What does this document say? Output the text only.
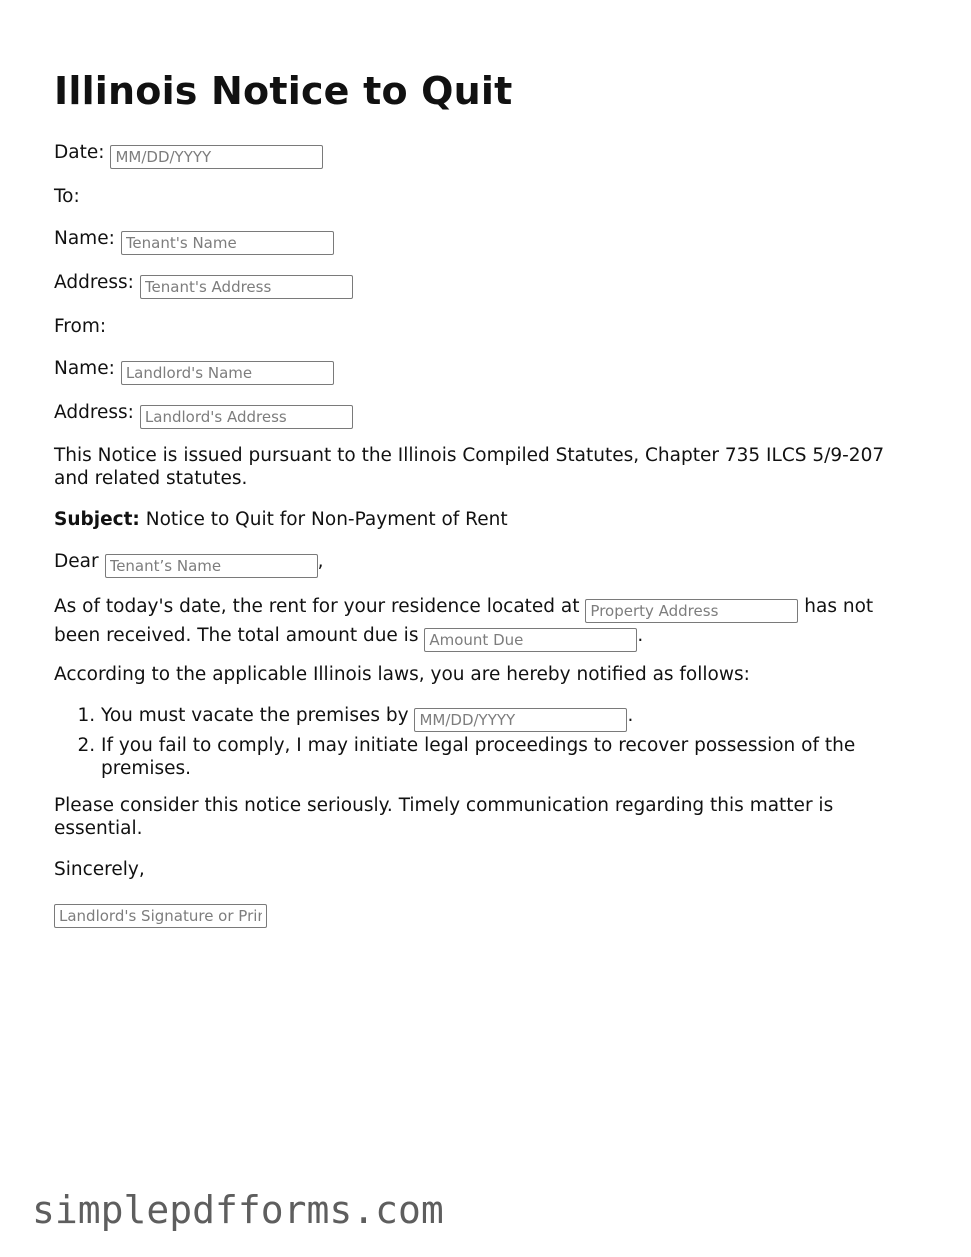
Illinois Notice to Quit
Date:MM/DD/YYYY
To:
Name:Tenant's Name
Address:Tenant's Address
From:
Name:Landlord's Name
Address:Landlord's Address
This Notice is issued pursuant to the Illinois Compiled Statutes, Chapter 735 ILCS 5/9-207 and related statutes.
Subject: Notice to Quit for Non-Payment of Rent
DearTenant’s Name	,
As of today's date, the rent for your residence located at Property Address	has not been received. The total amount due is Amount Due	.
According to the applicable Illinois laws, you are hereby notified as follows:
1. You must vacate the premises by MM/DD/YYYY	.
2. If you fail to comply, I may initiate legal proceedings to recover possession of the premises.
Please consider this notice seriously. Timely communication regarding this matter is essential.
Sincerely,
Landlord's Signature or Printed Name
simplepdfforms.com
